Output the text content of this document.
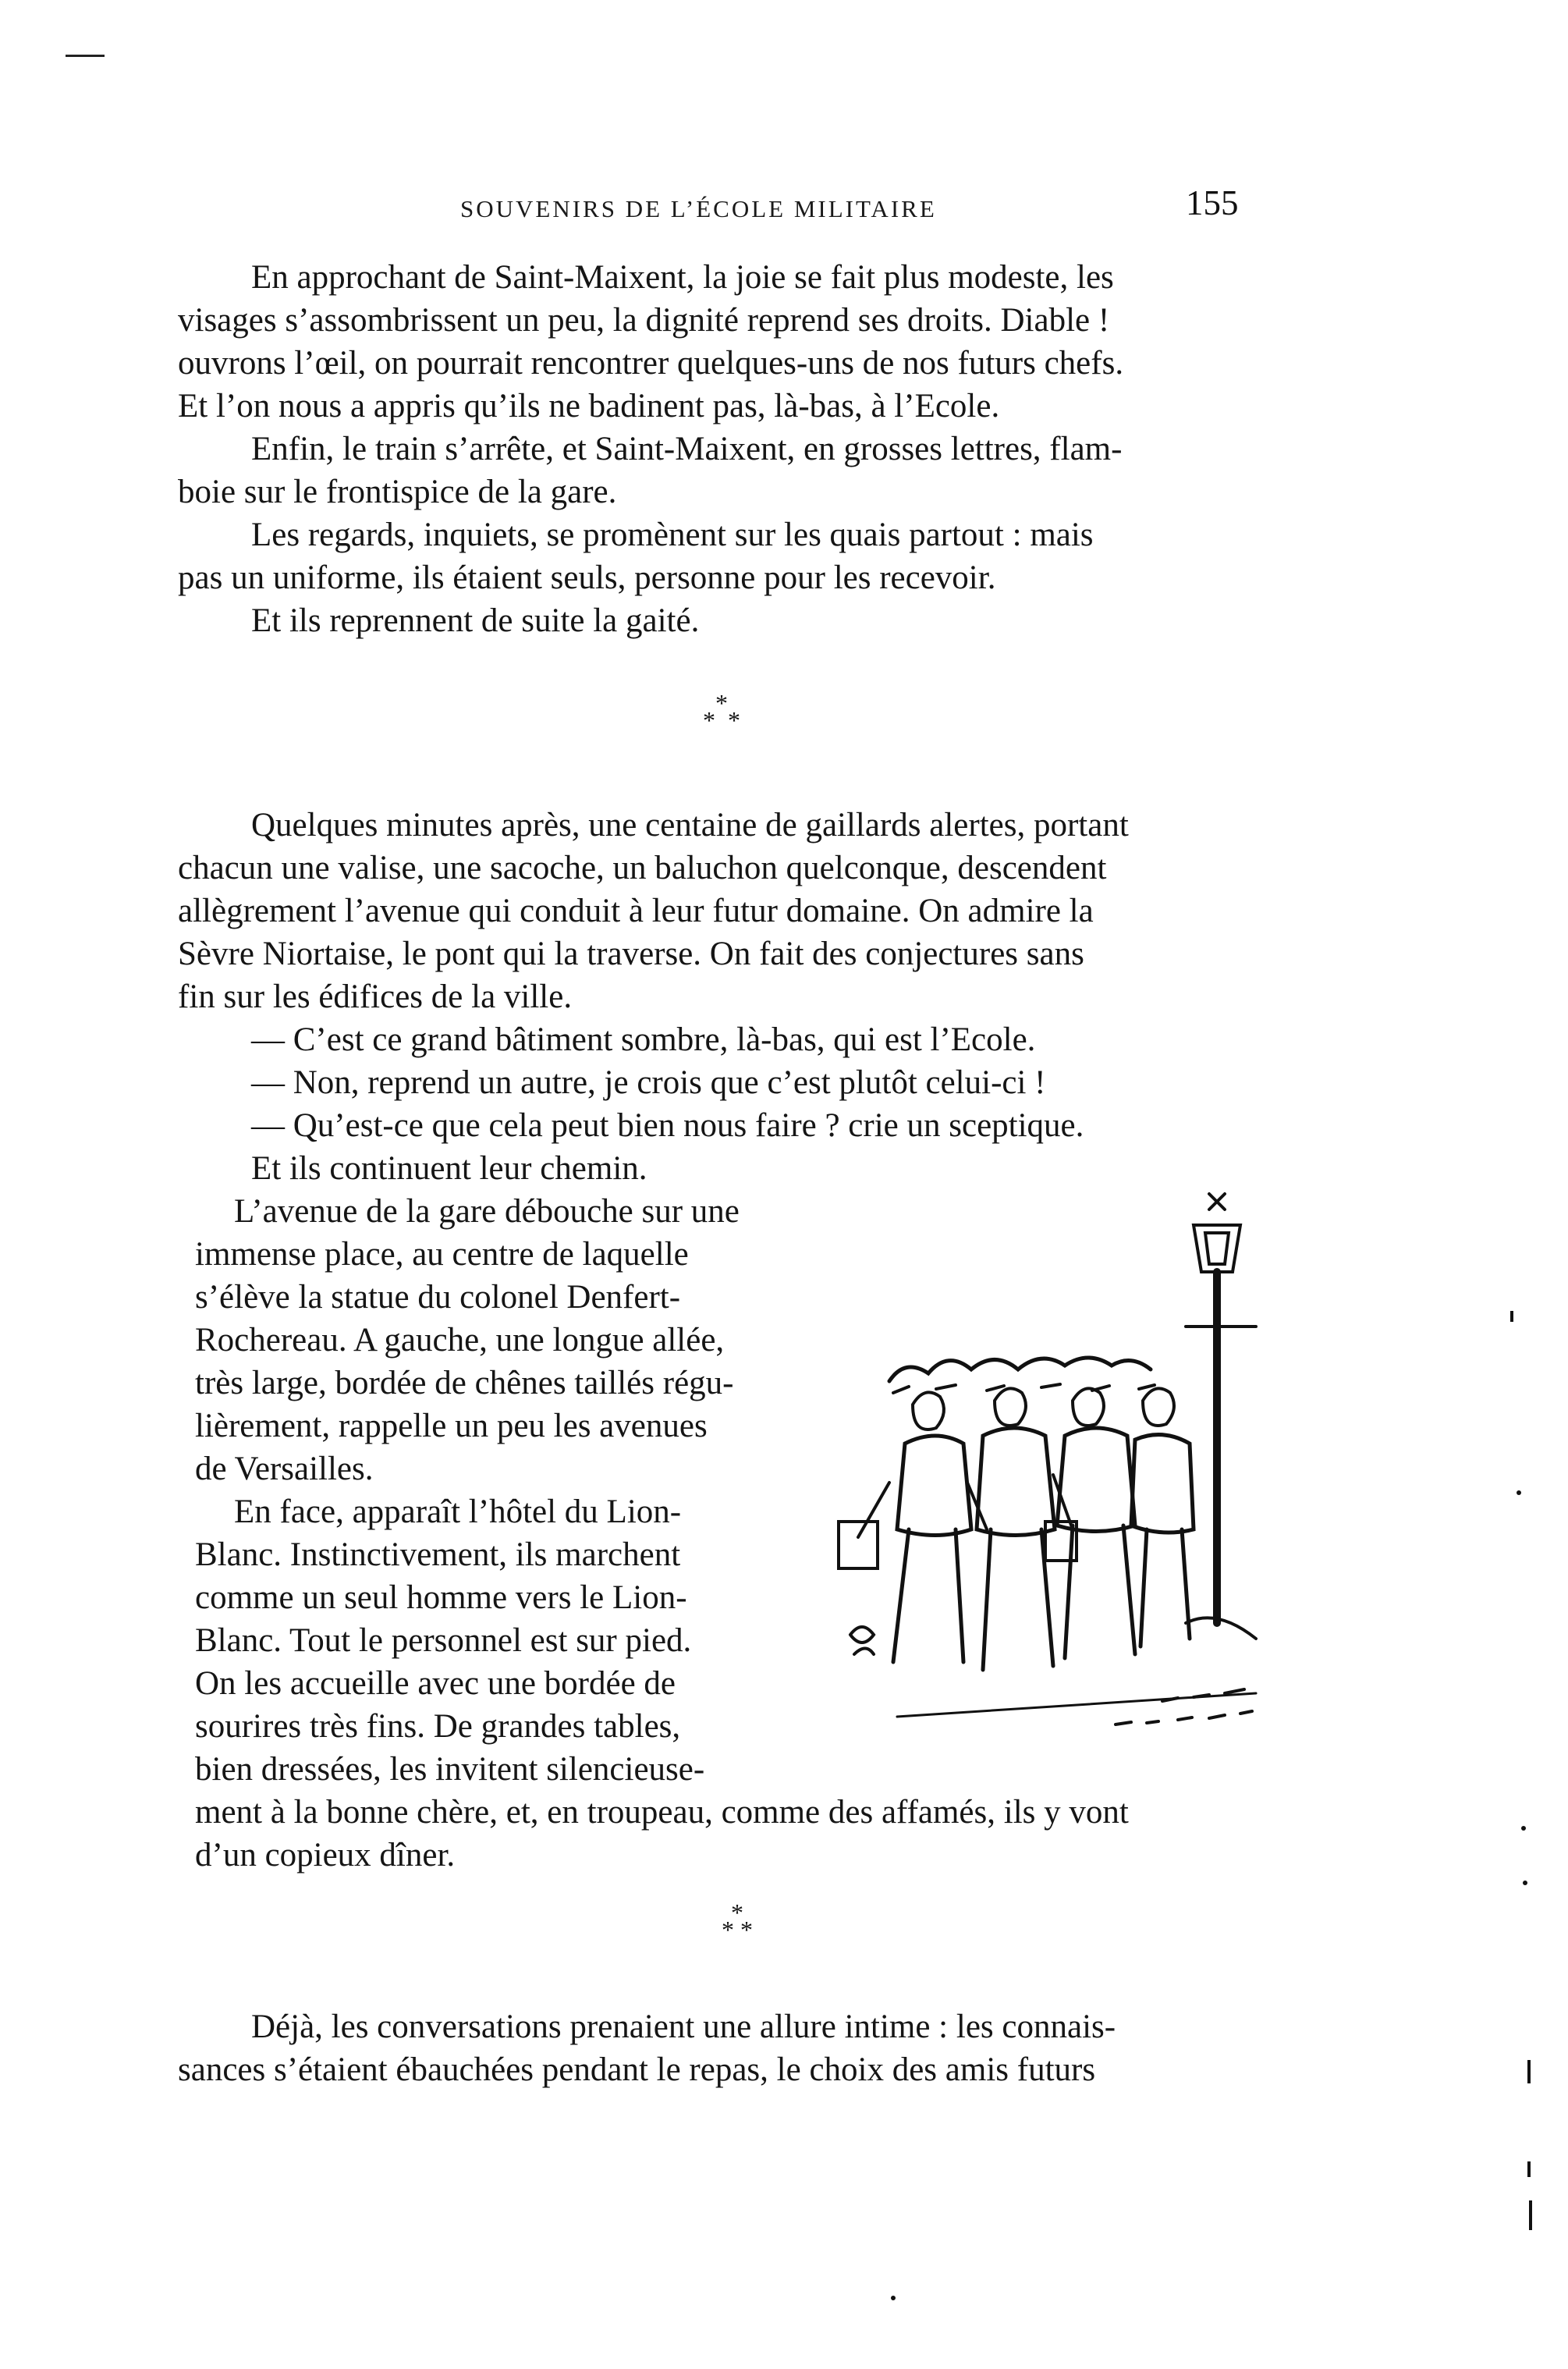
SOUVENIRS DE L’ÉCOLE MILITAIRE	155

En approchant de Saint-Maixent, la joie se fait plus modeste, les

visages s’assombrissent un peu, la dignité reprend ses droits. Diable !

ouvrons l’œil, on pourrait rencontrer quelques-uns de nos futurs chefs.

Et l’on nous a appris qu’ils ne badinent pas, là-bas, à l’Ecole.

Enfin, le train s’arrête, et Saint-Maixent, en grosses lettres, flam-

boie sur le frontispice de la gare.

Les regards, inquiets, se promènent sur les quais partout : mais

pas un uniforme, ils étaient seuls, personne pour les recevoir.

Et ils reprennent de suite la gaité.

*
* *

Quelques minutes après, une centaine de gaillards alertes, portant

chacun une valise, une sacoche, un baluchon quelconque, descendent

allègrement l’avenue qui conduit à leur futur domaine. On admire la

Sèvre Niortaise, le pont qui la traverse. On fait des conjectures sans

fin sur les édifices de la ville.

— C’est ce grand bâtiment sombre, là-bas, qui est l’Ecole.

— Non, reprend un autre, je crois que c’est plutôt celui-ci !

— Qu’est-ce que cela peut bien nous faire ? crie un sceptique.

Et ils continuent leur chemin.

L’avenue de la gare débouche sur une

immense place, au centre de laquelle

s’élève la statue du colonel Denfert-

Rochereau. A gauche, une longue allée,

très large, bordée de chênes taillés régu-

lièrement, rappelle un peu les avenues

de Versailles.

En face, apparaît l’hôtel du Lion-

Blanc. Instinctivement, ils marchent

comme un seul homme vers le Lion-

Blanc. Tout le personnel est sur pied.

On les accueille avec une bordée de

sourires très fins. De grandes tables,

bien dressées, les invitent silencieuse-

ment à la bonne chère, et, en troupeau, comme des affamés, ils y vont

d’un copieux dîner.

*
* *

Déjà, les conversations prenaient une allure intime : les connais-

sances s’étaient ébauchées pendant le repas, le choix des amis futurs
